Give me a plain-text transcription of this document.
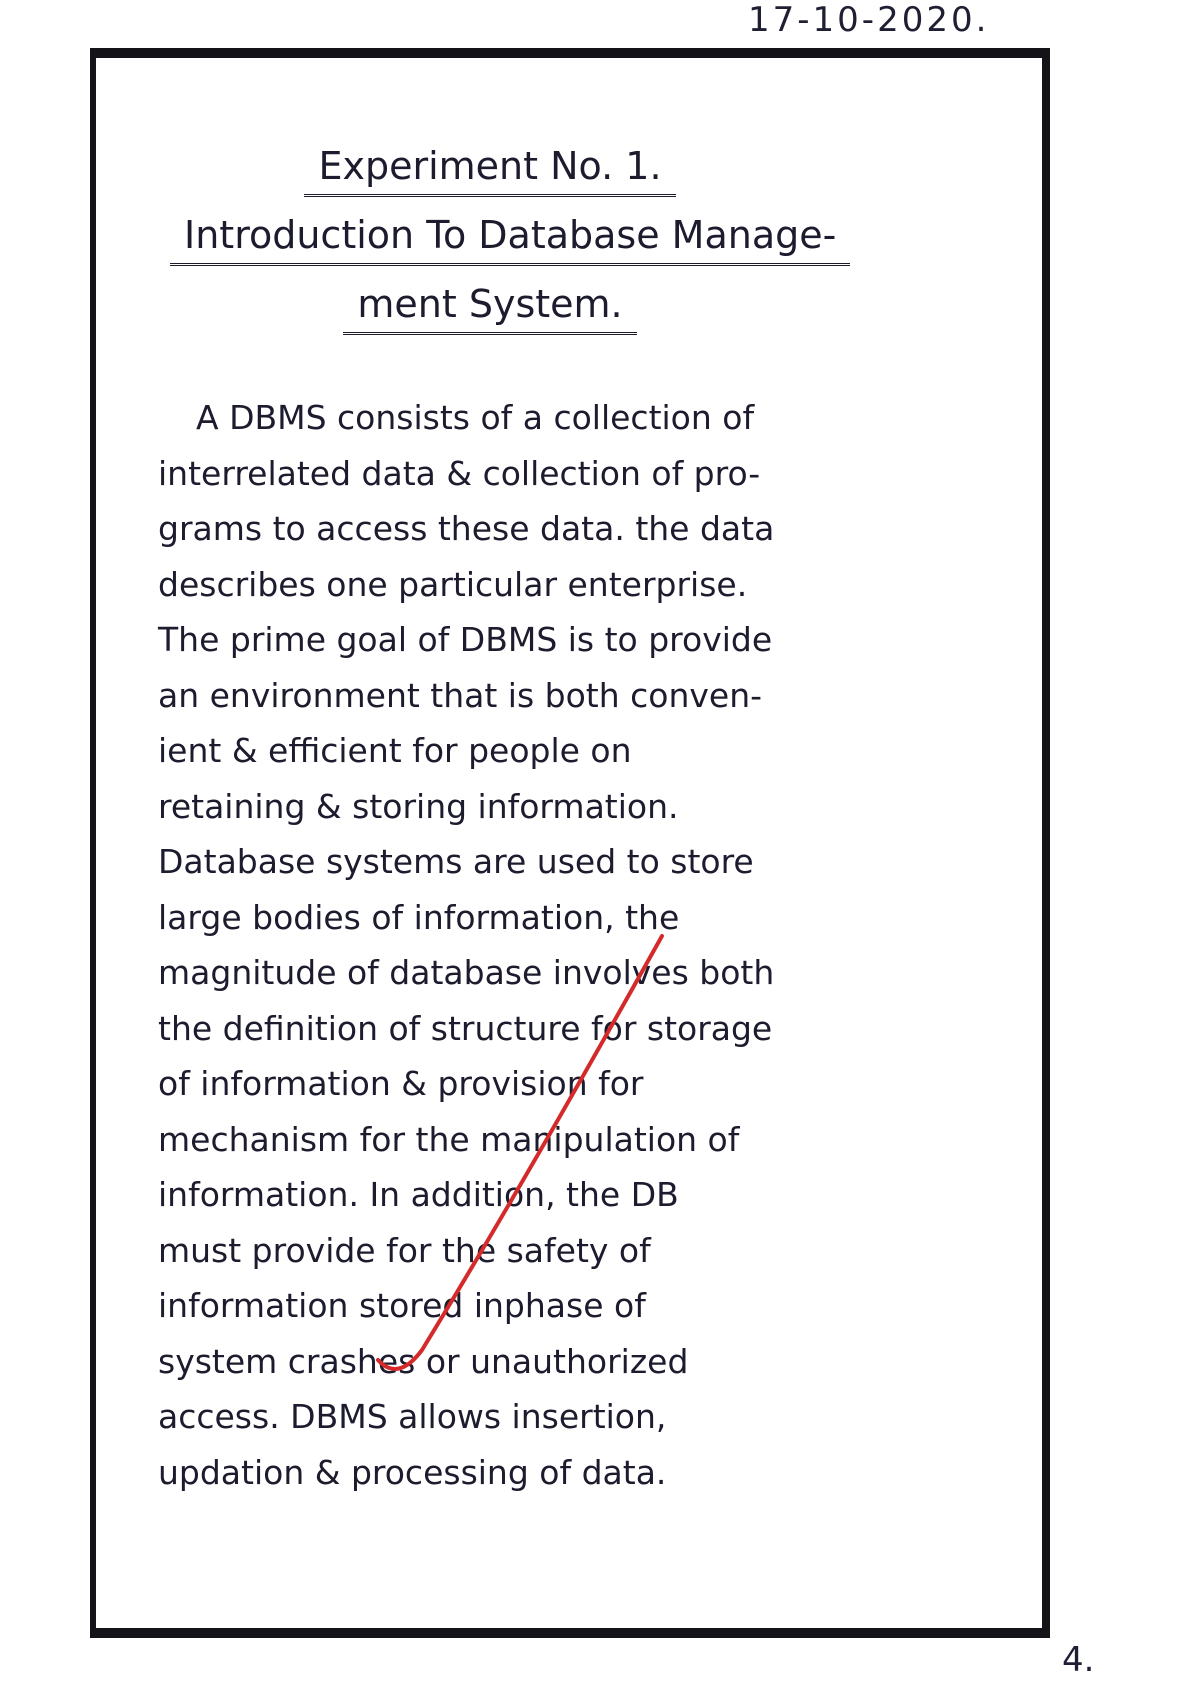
17-10-2020.
Experiment No. 1.
Introduction To Database Manage-
ment System.
A DBMS consists of a collection of
interrelated data & collection of pro-
grams to access these data. the data
describes one particular enterprise.
The prime goal of DBMS is to provide
an environment that is both conven-
ient & efficient for people on
retaining & storing information.
Database systems are used to store
large bodies of information, the
magnitude of database involves both
the definition of structure for storage
of information & provision for
mechanism for the manipulation of
information. In addition, the DB
must provide for the safety of
information stored inphase of
system crashes or unauthorized
access. DBMS allows insertion,
updation & processing of data.
4.
